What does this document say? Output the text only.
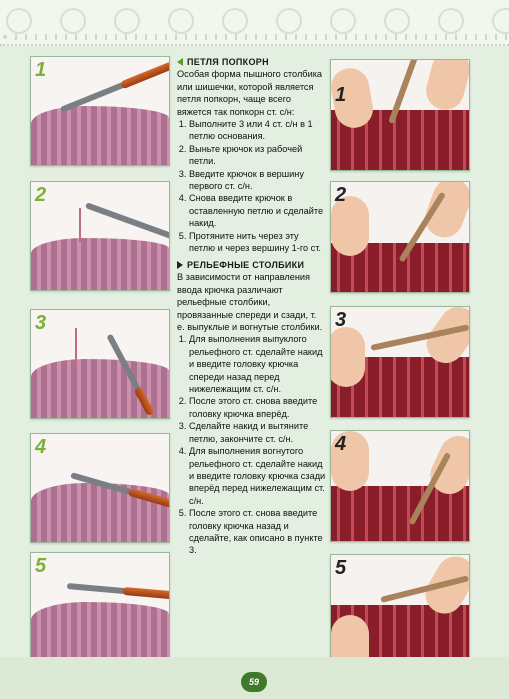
1
2
3
4
5
1
2
3
4
5
ПЕТЛЯ ПОПКОРН

Особая форма пышного столбика или шишечки, которой является петля попкорн, чаще всего вяжется так попкорн ст. с/н:

1. Выполните 3 или 4 ст. с/н в 1 петлю основания.
2. Выньте крючок из рабочей петли.
3. Введите крючок в вершину первого ст. с/н.
4. Снова введите крючок в оставленную петлю и сделайте накид.
5. Протяните нить через эту петлю и через вершину 1-го ст.
РЕЛЬЕФНЫЕ СТОЛБИКИ

В зависимости от направления ввода крючка различают рельефные столбики, провязанные спереди и сзади, т. е. выпуклые и вогнутые столбики.

1. Для выполнения выпуклого рельефного ст. сделайте накид и введите головку крючка спереди назад перед нижележащим ст. с/н.
2. После этого ст. снова введите головку крючка вперёд.
3. Сделайте накид и вытяните петлю, закончите ст. с/н.
4. Для выполнения вогнутого рельефного ст. сделайте накид и введите головку крючка сзади вперёд перед нижележащим ст. с/н.
5. После этого ст. снова введите головку крючка назад и сделайте, как описано в пункте 3.
59
